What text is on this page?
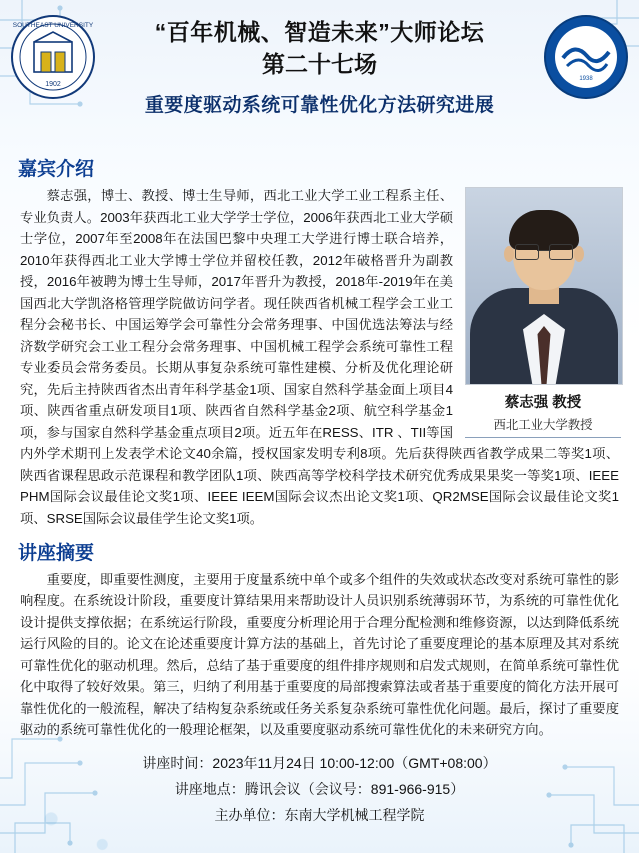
1902
SOUTHEAST UNIVERSITY
1938
“百年机械、智造未来”大师论坛
第二十七场
重要度驱动系统可靠性优化方法研究进展
嘉宾介绍
蔡志强 教授
西北工业大学教授
蔡志强，博士、教授、博士生导师，西北工业大学工业工程系主任、专业负责人。2003年获西北工业大学学士学位，2006年获西北工业大学硕士学位，2007年至2008年在法国巴黎中央理工大学进行博士联合培养，2010年获得西北工业大学博士学位并留校任教，2012年破格晋升为副教授，2016年被聘为博士生导师，2017年晋升为教授，2018年-2019年在美国西北大学凯洛格管理学院做访问学者。现任陕西省机械工程学会工业工程分会秘书长、中国运筹学会可靠性分会常务理事、中国优选法筹法与经济数学研究会工业工程分会常务理事、中国机械工程学会系统可靠性工程专业委员会常务委员。长期从事复杂系统可靠性建模、分析及优化理论研究，先后主持陕西省杰出青年科学基金1项、国家自然科学基金面上项目4项、陕西省重点研发项目1项、陕西省自然科学基金2项、航空科学基金1项，参与国家自然科学基金重点项目2项。近五年在RESS、ITR 、TII等国内外学术期刊上发表学术论文40余篇，授权国家发明专利8项。先后获得陕西省教学成果二等奖1项、陕西省课程思政示范课程和教学团队1项、陕西高等学校科学技术研究优秀成果果奖一等奖1项、IEEE PHM国际会议最佳论文奖1项、IEEE IEEM国际会议杰出论文奖1项、QR2MSE国际会议最佳论文奖1项、SRSE国际会议最佳学生论文奖1项。
讲座摘要
重要度，即重要性测度，主要用于度量系统中单个或多个组件的失效或状态改变对系统可靠性的影响程度。在系统设计阶段，重要度计算结果用来帮助设计人员识别系统薄弱环节，为系统的可靠性优化设计提供支撑依据；在系统运行阶段，重要度分析理论用于合理分配检测和维修资源，以达到降低系统运行风险的目的。论文在论述重要度计算方法的基础上，首先讨论了重要度理论的基本原理及其对系统可靠性优化的驱动机理。然后，总结了基于重要度的组件排序规则和启发式规则，在简单系统可靠性优化中取得了较好效果。第三，归纳了利用基于重要度的局部搜索算法或者基于重要度的简化方法开展可靠性优化的一般流程，解决了结构复杂系统或任务关系复杂系统可靠性优化问题。最后，探讨了重要度驱动的系统可靠性优化的一般理论框架，以及重要度驱动系统可靠性优化的未来研究方向。
讲座时间：2023年11月24日 10:00-12:00（GMT+08:00）
讲座地点：腾讯会议（会议号：891-966-915）
主办单位：东南大学机械工程学院
